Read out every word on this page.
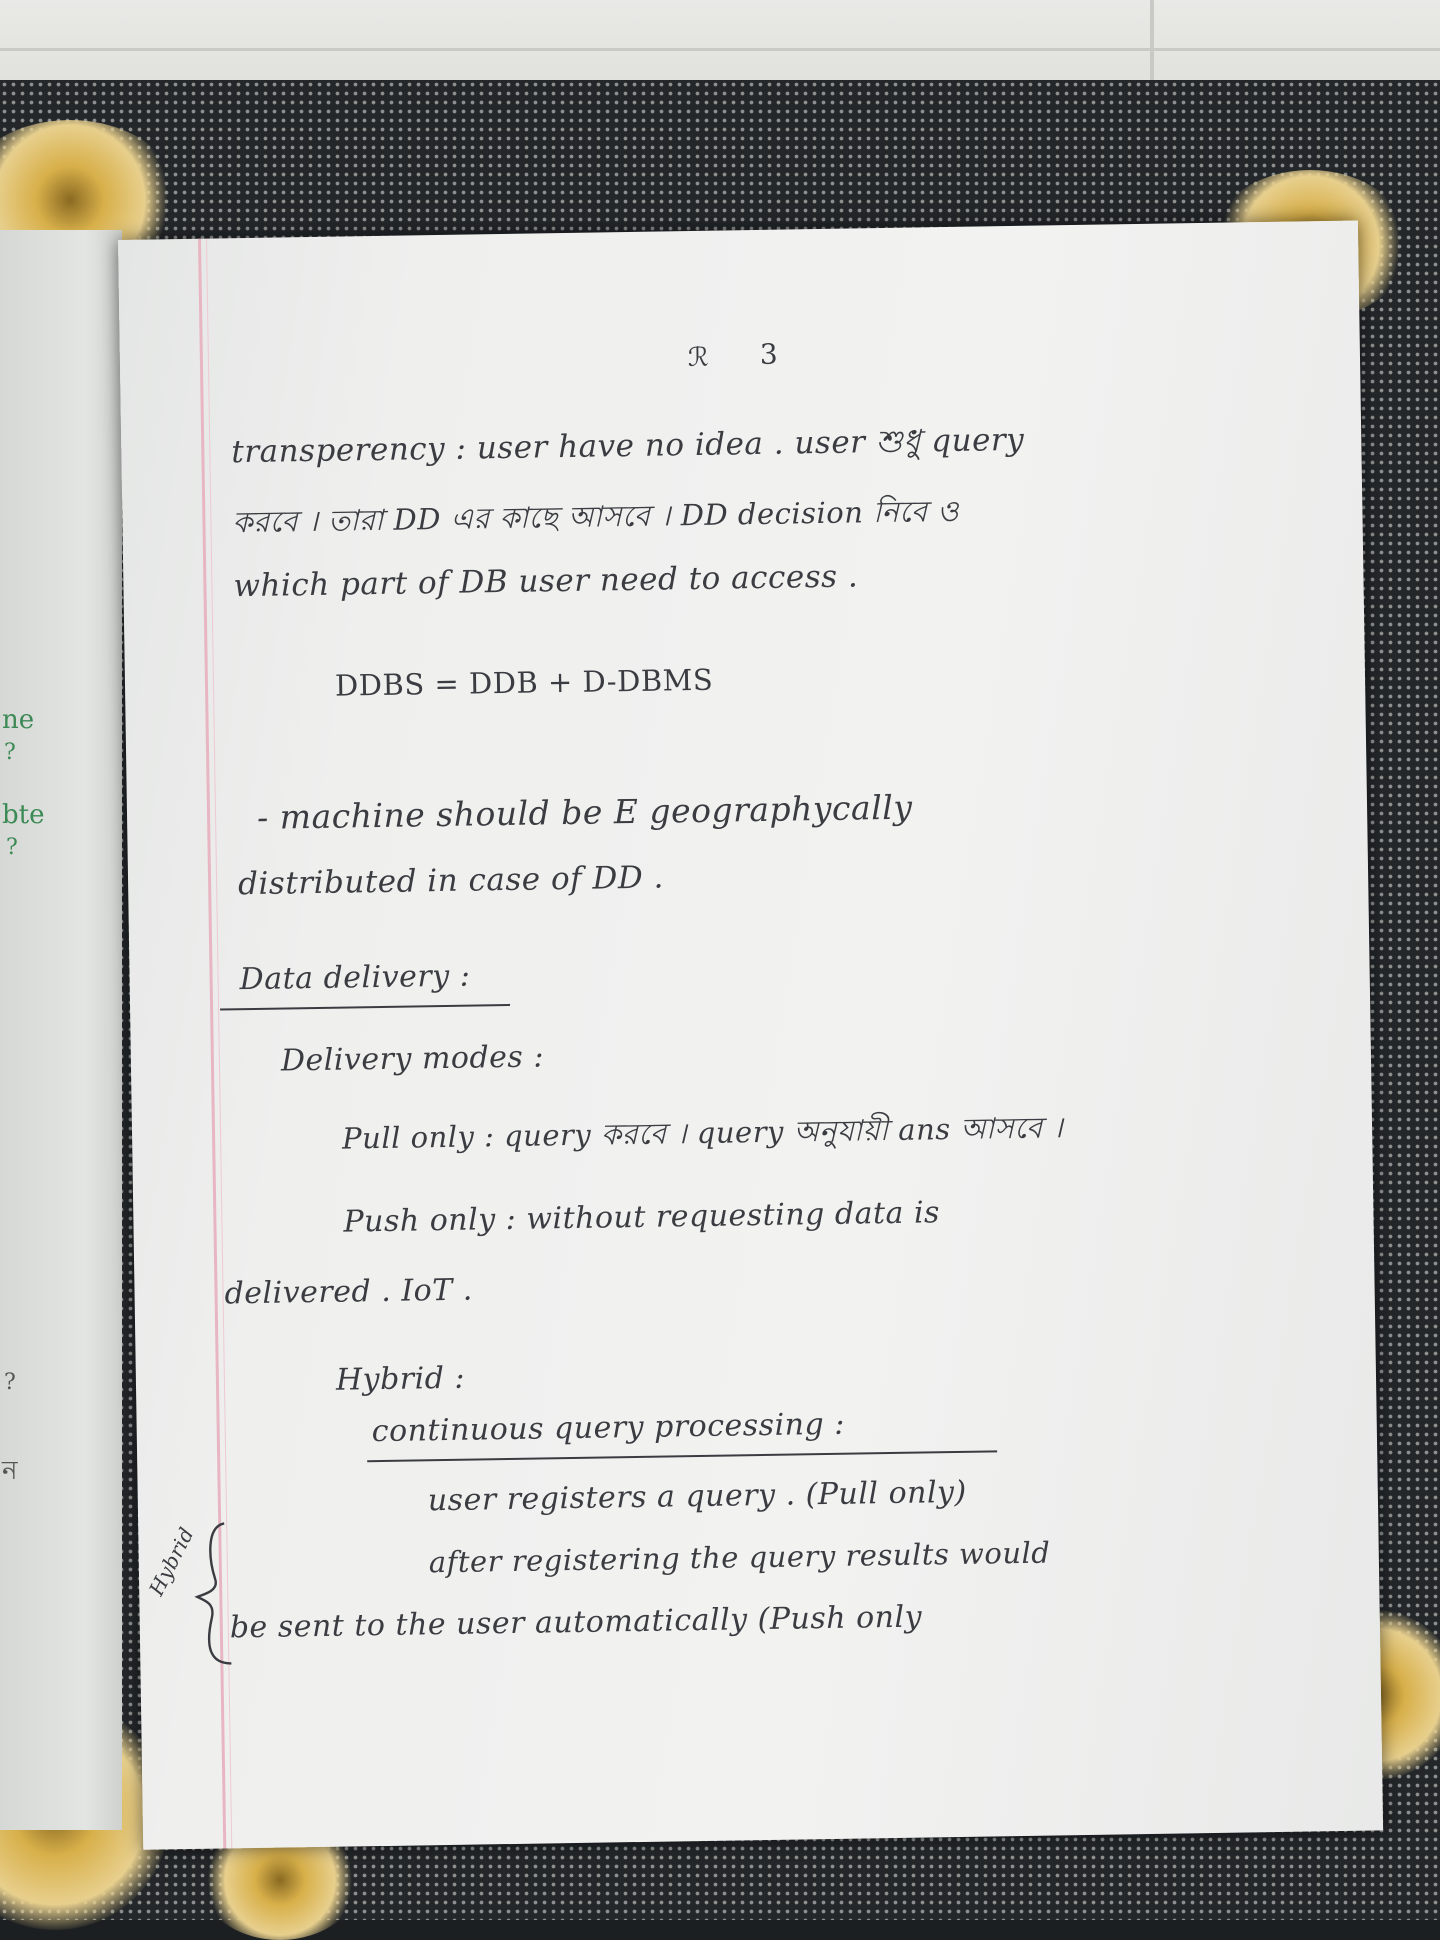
ne
?
bte
?
?
ন
ℛ 3
transperency : user have no idea . user শুধু query
করবে । তারা DD এর কাছে আসবে । DD decision নিবে ও
which part of DB user need to access .
DDBS = DDB + D-DBMS
- machine should be E geographycally
distributed in case of DD .
Data delivery :
Delivery modes :
Pull only : query করবে । query অনুযায়ী ans আসবে ।
Push only : without requesting data is
delivered . IoT .
Hybrid :
continuous query processing :
user registers a query . (Pull only)
after registering the query results would
be sent to the user automatically (Push only
Hybrid
